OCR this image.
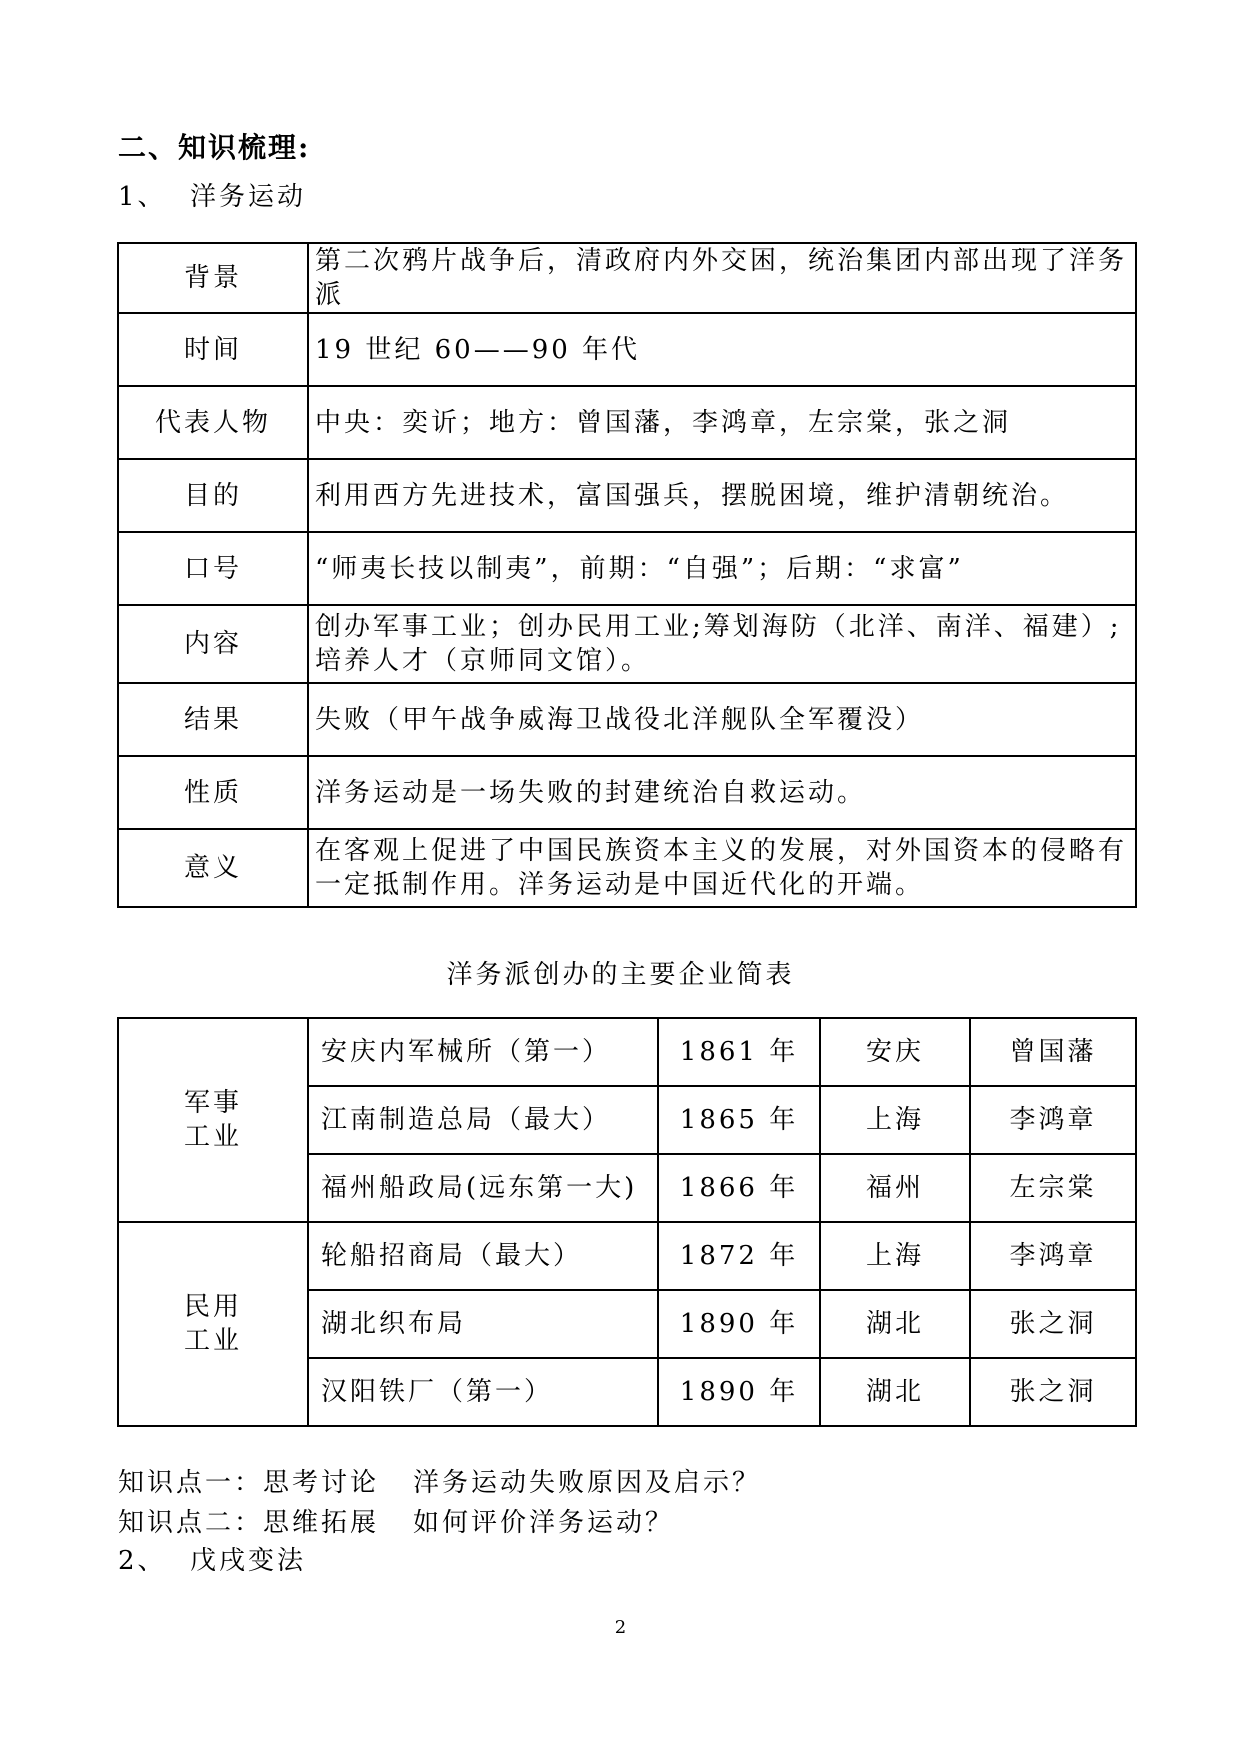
二、知识梳理:
1、 洋务运动
背景	第二次鸦片战争后，清政府内外交困，统治集团内部出现了洋务派
时间	19 世纪 60——90 年代
代表人物	中央：奕䜣；地方：曾国藩，李鸿章，左宗棠，张之洞
目的	利用西方先进技术，富国强兵，摆脱困境，维护清朝统治。
口号	“师夷长技以制夷”，前期：“自强”；后期：“求富”
内容	创办军事工业；创办民用工业;筹划海防（北洋、南洋、福建）;培养人才（京师同文馆）。
结果	失败（甲午战争威海卫战役北洋舰队全军覆没）
性质	洋务运动是一场失败的封建统治自救运动。
意义	在客观上促进了中国民族资本主义的发展，对外国资本的侵略有一定抵制作用。洋务运动是中国近代化的开端。
洋务派创办的主要企业简表
军事
工业	安庆内军械所（第一）	1861 年	安庆	曾国藩
	江南制造总局（最大）	1865 年	上海	李鸿章
	福州船政局(远东第一大)	1866 年	福州	左宗棠
民用
工业	轮船招商局（最大）	1872 年	上海	李鸿章
	湖北织布局	1890 年	湖北	张之洞
	汉阳铁厂（第一）	1890 年	湖北	张之洞
知识点一：思考讨论 洋务运动失败原因及启示？
知识点二：思维拓展 如何评价洋务运动？
2、 戊戌变法
2
